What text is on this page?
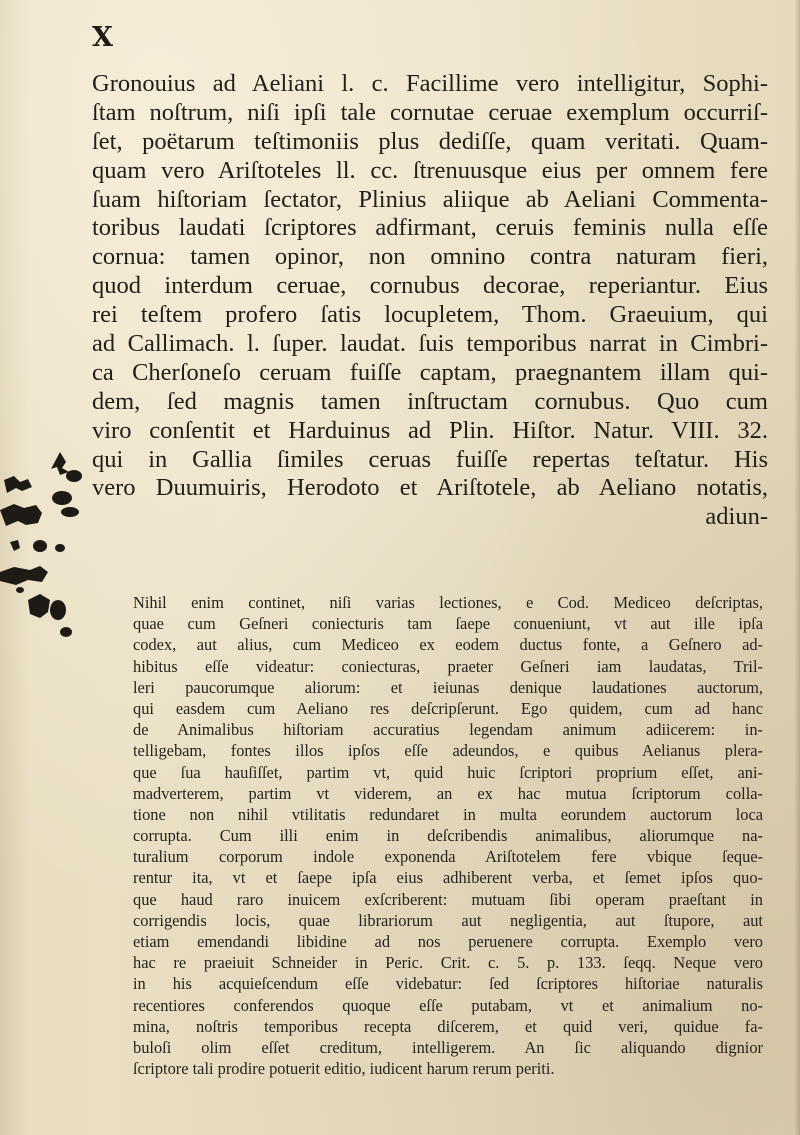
X
Gronouius ad Aeliani l. c. Facillime vero intelligitur, Sophi-
ſtam noſtrum, niſi ipſi tale cornutae ceruae exemplum occurriſ-
ſet, poëtarum teſtimoniis plus dediſſe, quam veritati. Quam-
quam vero Ariſtoteles ll. cc. ſtrenuusque eius per omnem fere
ſuam hiſtoriam ſectator, Plinius aliique ab Aeliani Commenta-
toribus laudati ſcriptores adfirmant, ceruis feminis nulla eſſe
cornua: tamen opinor, non omnino contra naturam fieri,
quod interdum ceruae, cornubus decorae, reperiantur. Eius
rei teſtem profero ſatis locupletem, Thom. Graeuium, qui
ad Callimach. l. ſuper. laudat. ſuis temporibus narrat in Cimbri-
ca Cherſoneſo ceruam fuiſſe captam, praegnantem illam qui-
dem, ſed magnis tamen inſtructam cornubus. Quo cum
viro conſentit et Harduinus ad Plin. Hiſtor. Natur. VIII. 32.
qui in Gallia ſimiles ceruas fuiſſe repertas teſtatur. His
vero Duumuiris, Herodoto et Ariſtotele, ab Aeliano notatis,
adiun-
Nihil enim continet, niſi varias lectiones, e Cod. Mediceo deſcriptas,
quae cum Geſneri coniecturis tam ſaepe conueniunt, vt aut ille ipſa
codex, aut alius, cum Mediceo ex eodem ductus fonte, a Geſnero ad-
hibitus eſſe videatur: coniecturas, praeter Geſneri iam laudatas, Tril-
leri paucorumque aliorum: et ieiunas denique laudationes auctorum,
qui easdem cum Aeliano res deſcripſerunt. Ego quidem, cum ad hanc
de Animalibus hiſtoriam accuratius legendam animum adiicerem: in-
telligebam, fontes illos ipſos eſſe adeundos, e quibus Aelianus plera-
que ſua hauſiſſet, partim vt, quid huic ſcriptori proprium eſſet, ani-
madverterem, partim vt viderem, an ex hac mutua ſcriptorum colla-
tione non nihil vtilitatis redundaret in multa eorundem auctorum loca
corrupta. Cum illi enim in deſcribendis animalibus, aliorumque na-
turalium corporum indole exponenda Ariſtotelem fere vbique ſeque-
rentur ita, vt et ſaepe ipſa eius adhiberent verba, et ſemet ipſos quo-
que haud raro inuicem exſcriberent: mutuam ſibi operam praeſtant in
corrigendis locis, quae librariorum aut negligentia, aut ſtupore, aut
etiam emendandi libidine ad nos peruenere corrupta. Exemplo vero
hac re praeiuit Schneider in Peric. Crit. c. 5. p. 133. ſeqq. Neque vero
in his acquieſcendum eſſe videbatur: ſed ſcriptores hiſtoriae naturalis
recentiores conferendos quoque eſſe putabam, vt et animalium no-
mina, noſtris temporibus recepta diſcerem, et quid veri, quidue fa-
buloſi olim eſſet creditum, intelligerem. An ſic aliquando dignior
ſcriptore tali prodire potuerit editio, iudicent harum rerum periti.
